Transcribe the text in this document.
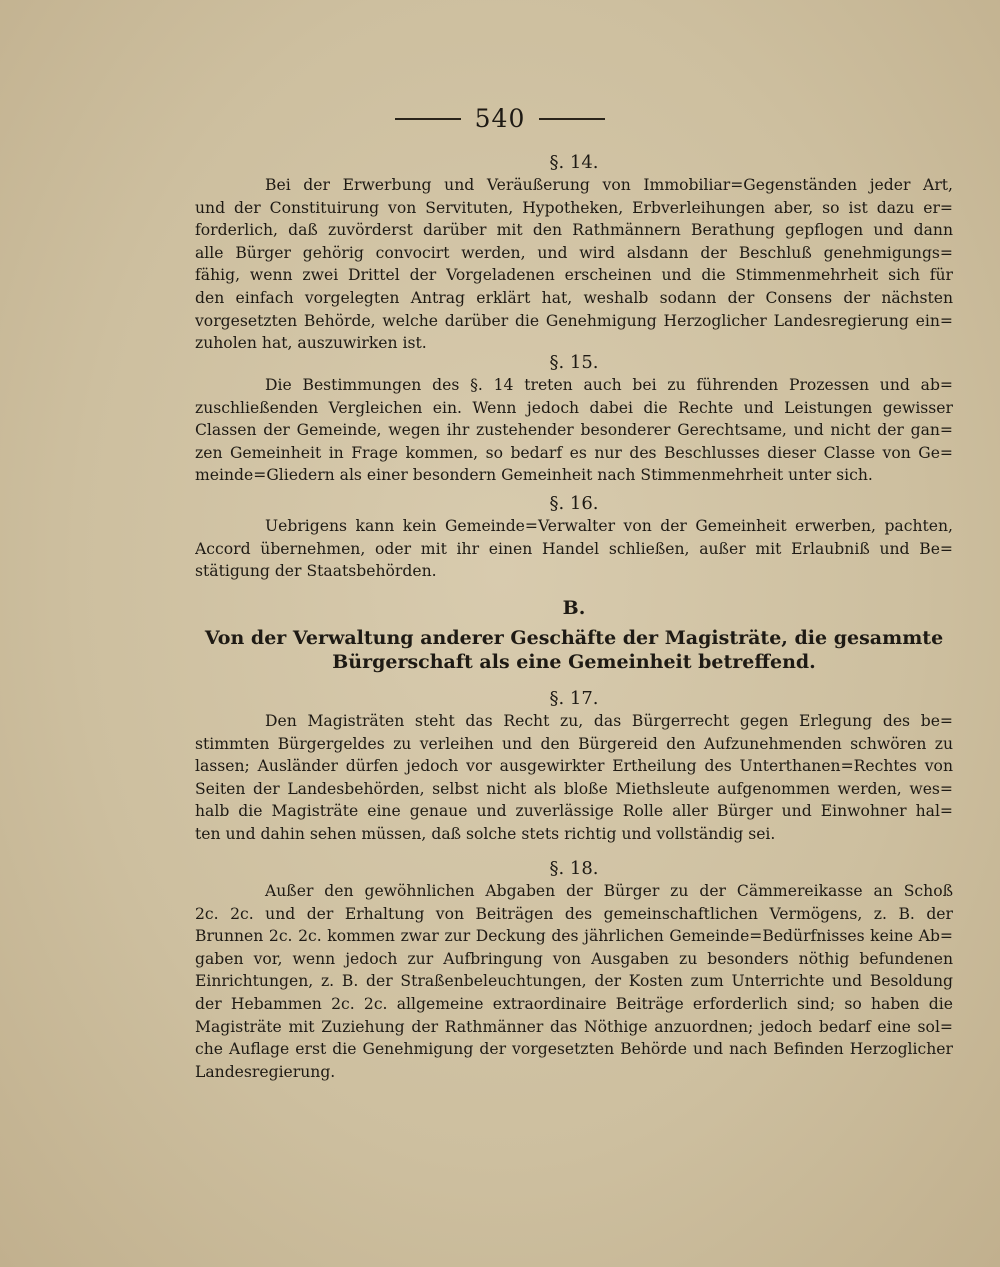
540
§. 14.
Bei der Erwerbung und Veräußerung von Immobiliar=Gegenständen jeder Art,
und der Constituirung von Servituten, Hypotheken, Erbverleihungen aber, so ist dazu er=
forderlich, daß zuvörderst darüber mit den Rathmännern Berathung gepflogen und dann
alle Bürger gehörig convocirt werden, und wird alsdann der Beschluß genehmigungs=
fähig, wenn zwei Drittel der Vorgeladenen erscheinen und die Stimmenmehrheit sich für
den einfach vorgelegten Antrag erklärt hat, weshalb sodann der Consens der nächsten
vorgesetzten Behörde, welche darüber die Genehmigung Herzoglicher Landesregierung ein=
zuholen hat, auszuwirken ist.
§. 15.
Die Bestimmungen des §. 14 treten auch bei zu führenden Prozessen und ab=
zuschließenden Vergleichen ein. Wenn jedoch dabei die Rechte und Leistungen gewisser
Classen der Gemeinde, wegen ihr zustehender besonderer Gerechtsame, und nicht der gan=
zen Gemeinheit in Frage kommen, so bedarf es nur des Beschlusses dieser Classe von Ge=
meinde=Gliedern als einer besondern Gemeinheit nach Stimmenmehrheit unter sich.
§. 16.
Uebrigens kann kein Gemeinde=Verwalter von der Gemeinheit erwerben, pachten,
Accord übernehmen, oder mit ihr einen Handel schließen, außer mit Erlaubniß und Be=
stätigung der Staatsbehörden.
B.
Von der Verwaltung anderer Geschäfte der Magisträte, die gesammte
Bürgerschaft als eine Gemeinheit betreffend.
§. 17.
Den Magisträten steht das Recht zu, das Bürgerrecht gegen Erlegung des be=
stimmten Bürgergeldes zu verleihen und den Bürgereid den Aufzunehmenden schwören zu
lassen; Ausländer dürfen jedoch vor ausgewirkter Ertheilung des Unterthanen=Rechtes von
Seiten der Landesbehörden, selbst nicht als bloße Miethsleute aufgenommen werden, wes=
halb die Magisträte eine genaue und zuverlässige Rolle aller Bürger und Einwohner hal=
ten und dahin sehen müssen, daß solche stets richtig und vollständig sei.
§. 18.
Außer den gewöhnlichen Abgaben der Bürger zu der Cämmereikasse an Schoß
2c. 2c. und der Erhaltung von Beiträgen des gemeinschaftlichen Vermögens, z. B. der
Brunnen 2c. 2c. kommen zwar zur Deckung des jährlichen Gemeinde=Bedürfnisses keine Ab=
gaben vor, wenn jedoch zur Aufbringung von Ausgaben zu besonders nöthig befundenen
Einrichtungen, z. B. der Straßenbeleuchtungen, der Kosten zum Unterrichte und Besoldung
der Hebammen 2c. 2c. allgemeine extraordinaire Beiträge erforderlich sind; so haben die
Magisträte mit Zuziehung der Rathmänner das Nöthige anzuordnen; jedoch bedarf eine sol=
che Auflage erst die Genehmigung der vorgesetzten Behörde und nach Befinden Herzoglicher
Landesregierung.
